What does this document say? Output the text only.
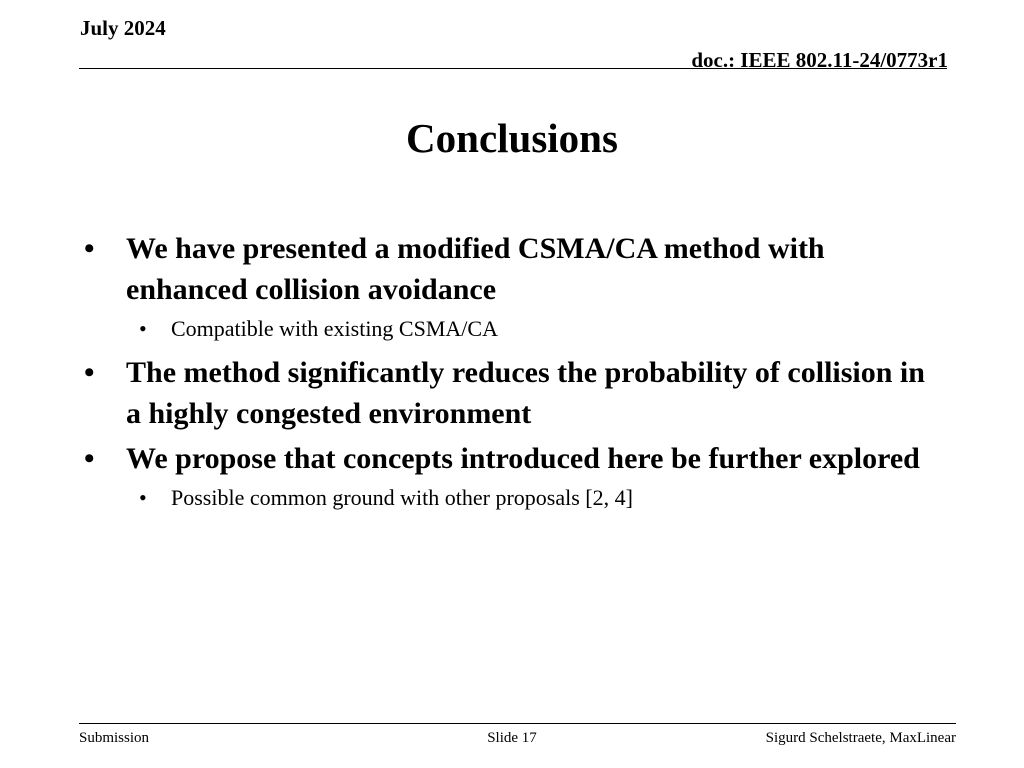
July 2024
doc.: IEEE 802.11-24/0773r1
Conclusions
• We have presented a modified CSMA/CA method with enhanced collision avoidance
• Compatible with existing CSMA/CA
• The method significantly reduces the probability of collision in a highly congested environment
• We propose that concepts introduced here be further explored
• Possible common ground with other proposals [2, 4]
Submission	Slide 17	Sigurd Schelstraete, MaxLinear
